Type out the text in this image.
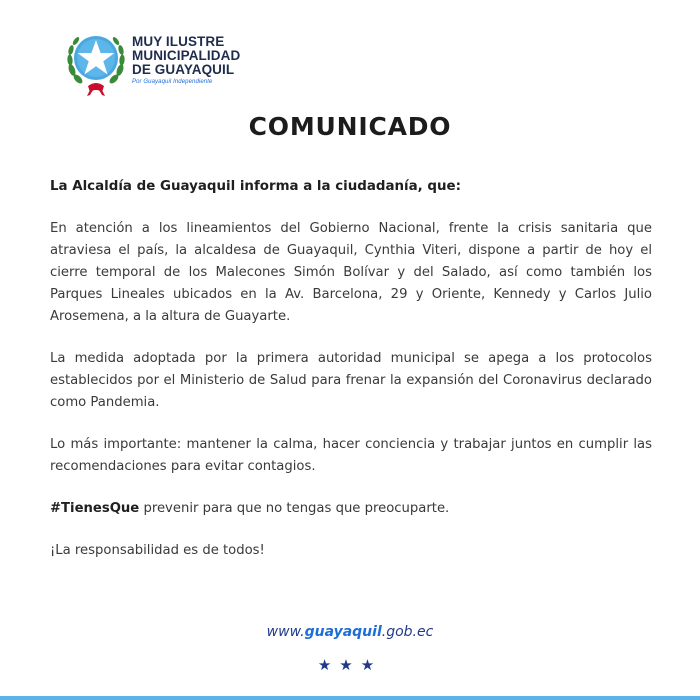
MUY ILUSTRE
MUNICIPALIDAD
DE GUAYAQUIL
Por Guayaquil Independiente
COMUNICADO

La Alcaldía de Guayaquil informa a la ciudadanía, que:

En atención a los lineamientos del Gobierno Nacional, frente la crisis sanitaria que atraviesa el país, la alcaldesa de Guayaquil, Cynthia Viteri, dispone a partir de hoy el cierre temporal de los Malecones Simón Bolívar y del Salado, así como también los Parques Lineales ubicados en la Av. Barcelona, 29 y Oriente, Kennedy y Carlos Julio Arosemena, a la altura de Guayarte.

La medida adoptada por la primera autoridad municipal se apega a los protocolos establecidos por el Ministerio de Salud para frenar la expansión del Coronavirus declarado como Pandemia.

Lo más importante: mantener la calma, hacer conciencia y trabajar juntos en cumplir las recomendaciones para evitar contagios.

#TienesQue prevenir para que no tengas que preocuparte.

¡La responsabilidad es de todos!

www.guayaquil.gob.ec
★★★
